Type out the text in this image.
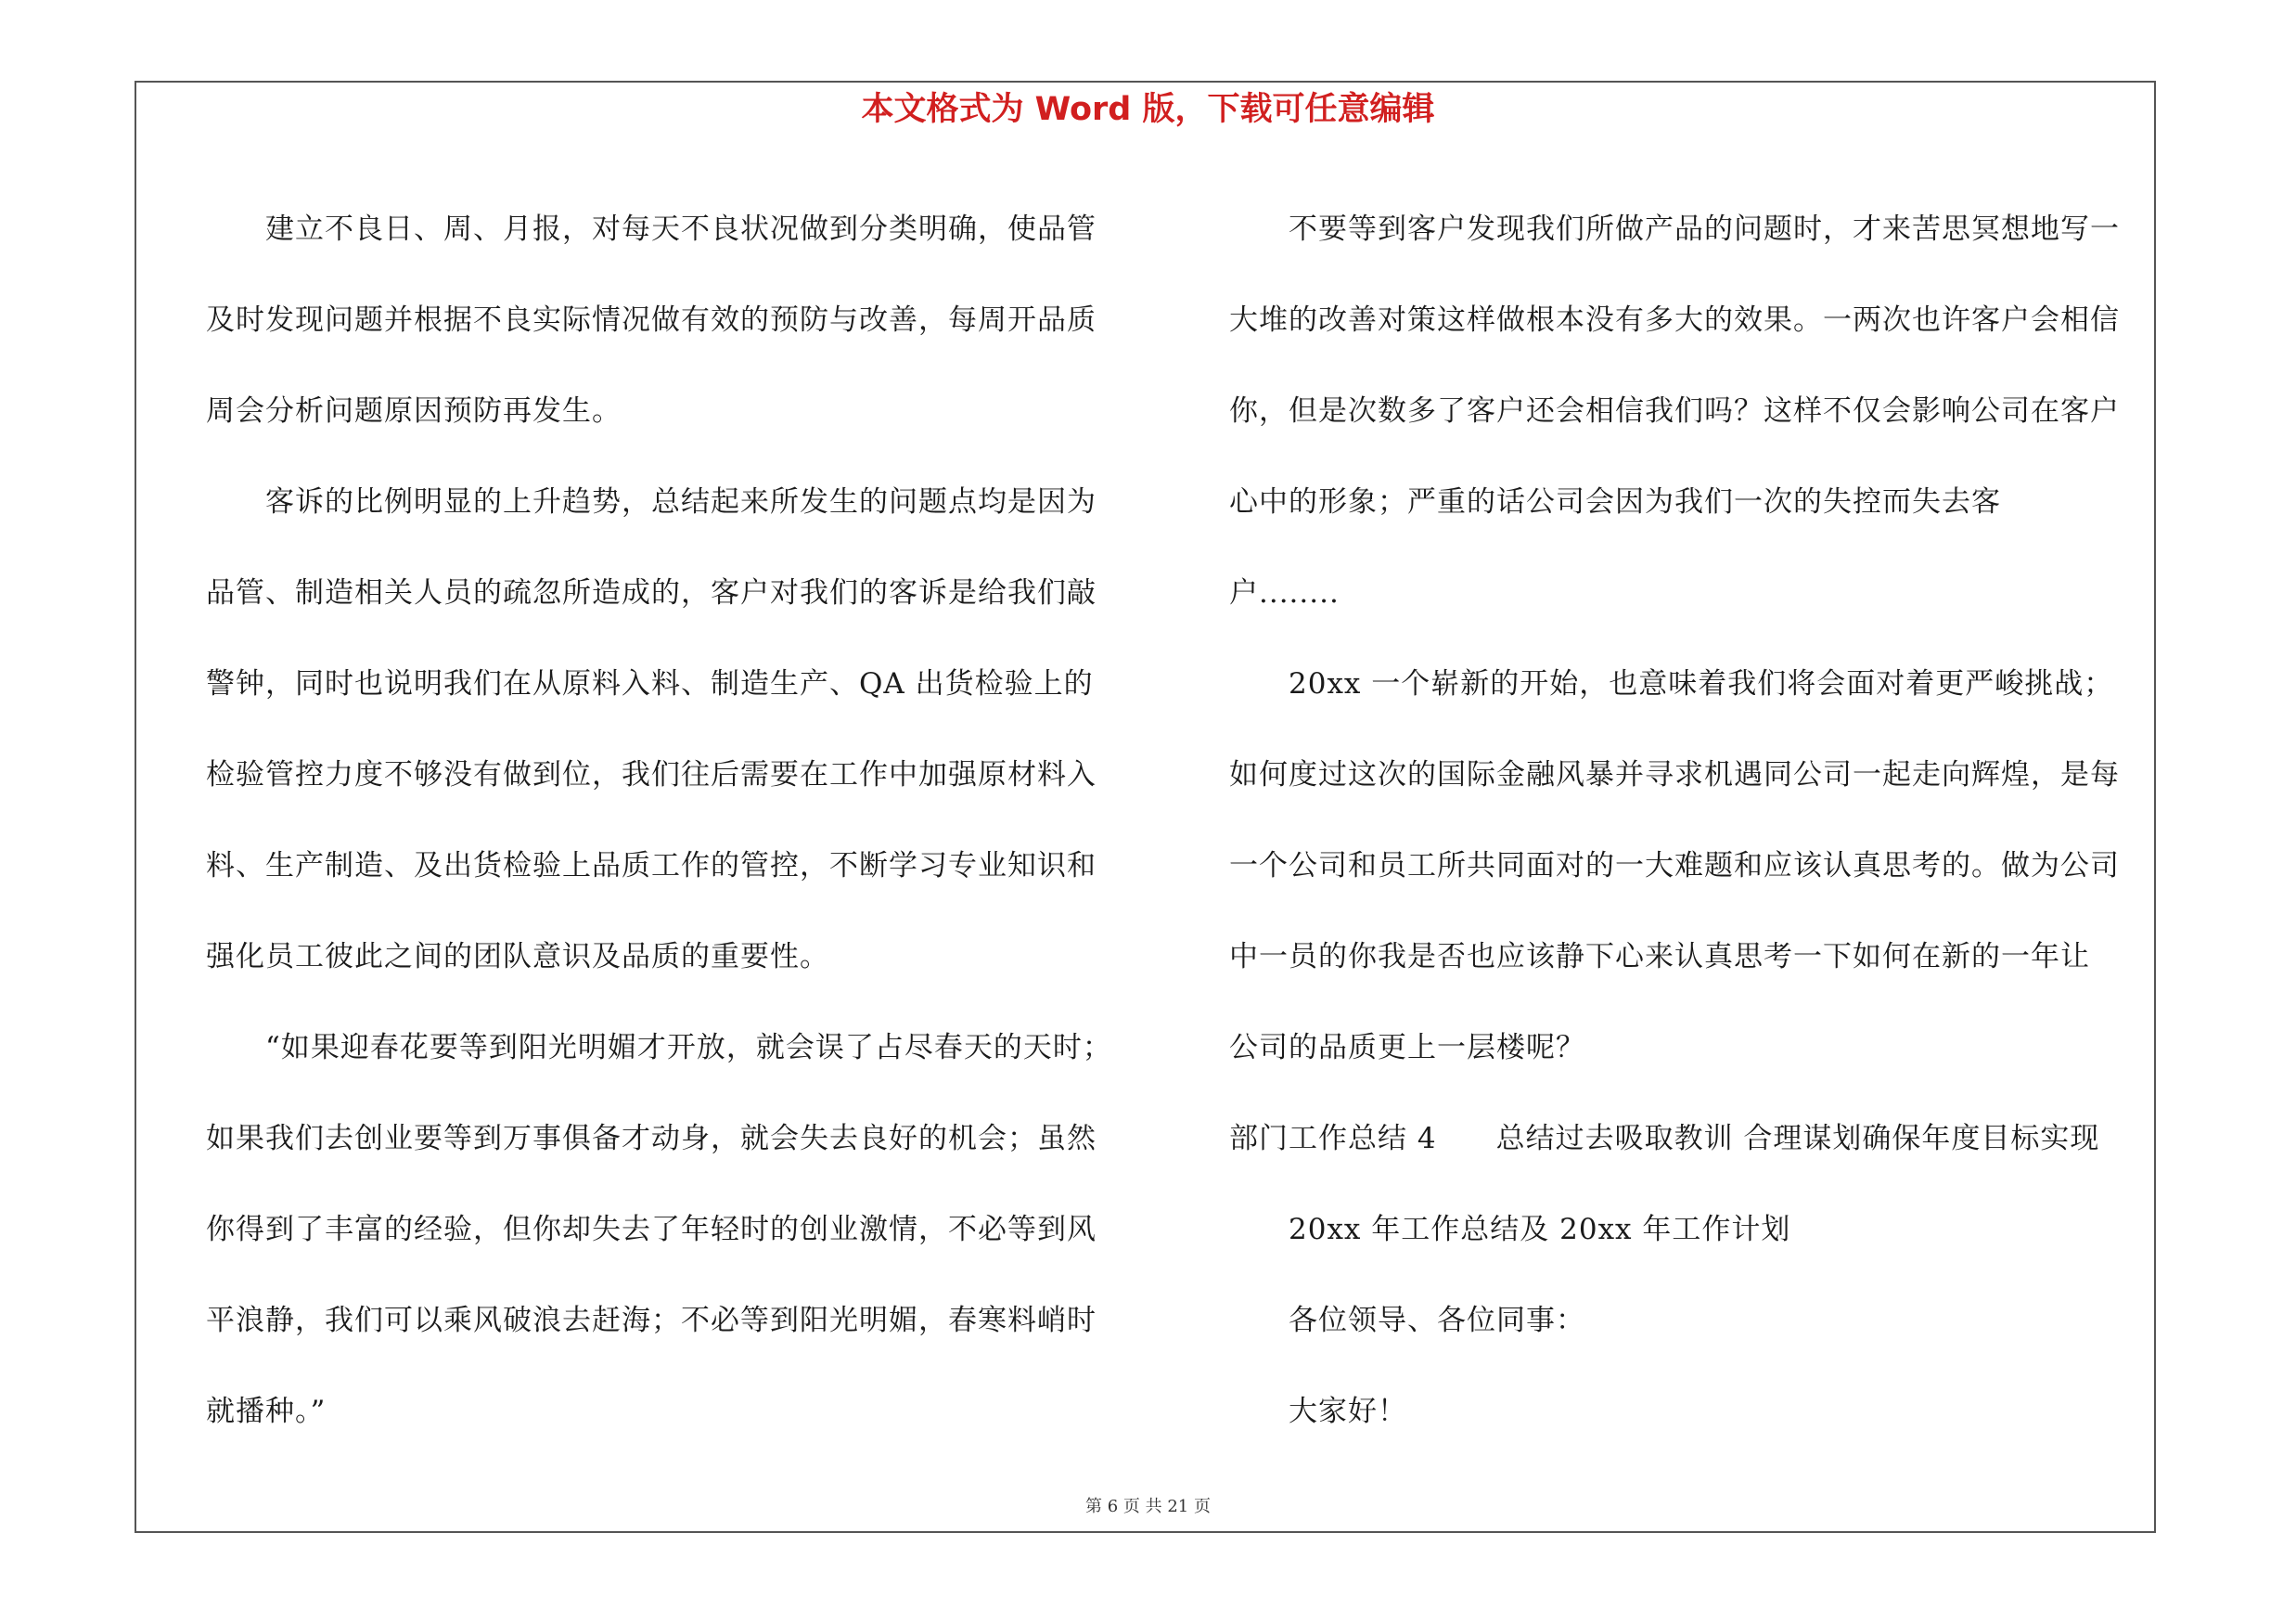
本文格式为 Word 版，下载可任意编辑
建立不良日、周、月报，对每天不良状况做到分类明确，使品管
及时发现问题并根据不良实际情况做有效的预防与改善，每周开品质
周会分析问题原因预防再发生。
客诉的比例明显的上升趋势，总结起来所发生的问题点均是因为
品管、制造相关人员的疏忽所造成的，客户对我们的客诉是给我们敲
警钟，同时也说明我们在从原料入料、制造生产、QA 出货检验上的
检验管控力度不够没有做到位，我们往后需要在工作中加强原材料入
料、生产制造、及出货检验上品质工作的管控，不断学习专业知识和
强化员工彼此之间的团队意识及品质的重要性。
“如果迎春花要等到阳光明媚才开放，就会误了占尽春天的天时；
如果我们去创业要等到万事俱备才动身，就会失去良好的机会；虽然
你得到了丰富的经验，但你却失去了年轻时的创业激情，不必等到风
平浪静，我们可以乘风破浪去赶海；不必等到阳光明媚，春寒料峭时
就播种。”
不要等到客户发现我们所做产品的问题时，才来苦思冥想地写一
大堆的改善对策这样做根本没有多大的效果。一两次也许客户会相信
你，但是次数多了客户还会相信我们吗？这样不仅会影响公司在客户
心中的形象；严重的话公司会因为我们一次的失控而失去客
户........
20xx 一个崭新的开始，也意味着我们将会面对着更严峻挑战；
如何度过这次的国际金融风暴并寻求机遇同公司一起走向辉煌，是每
一个公司和员工所共同面对的一大难题和应该认真思考的。做为公司
中一员的你我是否也应该静下心来认真思考一下如何在新的一年让
公司的品质更上一层楼呢？
部门工作总结 4　　总结过去吸取教训 合理谋划确保年度目标实现
20xx 年工作总结及 20xx 年工作计划
各位领导、各位同事：
大家好！
第 6 页 共 21 页
